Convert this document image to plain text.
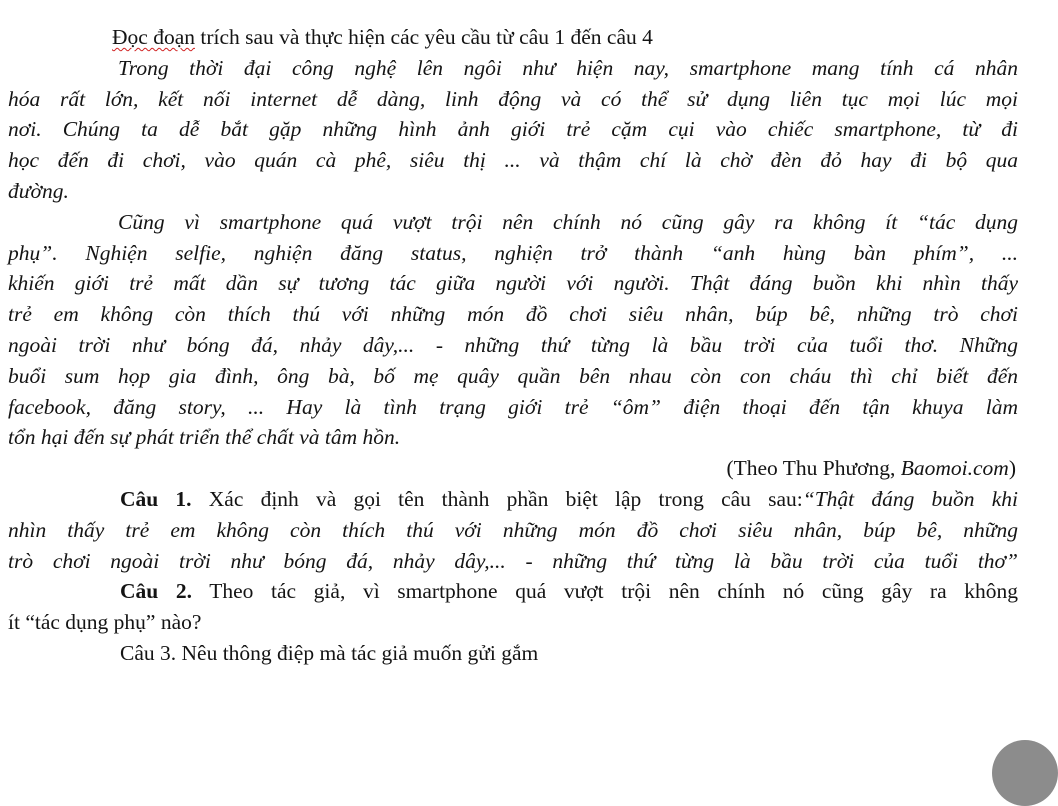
Đọc đoạn trích sau và thực hiện các yêu cầu từ câu 1 đến câu 4
Trong thời đại công nghệ lên ngôi như hiện nay, smartphone mang tính cá nhân
hóa rất lớn, kết nối internet dễ dàng, linh động và có thể sử dụng liên tục mọi lúc mọi
nơi. Chúng ta dễ bắt gặp những hình ảnh giới trẻ cặm cụi vào chiếc smartphone, từ đi
học đến đi chơi, vào quán cà phê, siêu thị ... và thậm chí là chờ đèn đỏ hay đi bộ qua
đường.
Cũng vì smartphone quá vượt trội nên chính nó cũng gây ra không ít “tác dụng
phụ”. Nghiện selfie, nghiện đăng status, nghiện trở thành “anh hùng bàn phím”, ...
khiến giới trẻ mất dần sự tương tác giữa người với người. Thật đáng buồn khi nhìn thấy
trẻ em không còn thích thú với những món đồ chơi siêu nhân, búp bê, những trò chơi
ngoài trời như bóng đá, nhảy dây,... - những thứ từng là bầu trời của tuổi thơ. Những
buổi sum họp gia đình, ông bà, bố mẹ quây quần bên nhau còn con cháu thì chỉ biết đến
facebook, đăng story, ... Hay là tình trạng giới trẻ “ôm” điện thoại đến tận khuya làm
tổn hại đến sự phát triển thể chất và tâm hồn.
(Theo Thu Phương, Baomoi.com)
Câu 1. Xác định và gọi tên thành phần biệt lập trong câu sau:“Thật đáng buồn khi
nhìn thấy trẻ em không còn thích thú với những món đồ chơi siêu nhân, búp bê, những
trò chơi ngoài trời như bóng đá, nhảy dây,... - những thứ từng là bầu trời của tuổi thơ”
Câu 2. Theo tác giả, vì smartphone quá vượt trội nên chính nó cũng gây ra không
ít “tác dụng phụ” nào?
Câu 3. Nêu thông điệp mà tác giả muốn gửi gắm
